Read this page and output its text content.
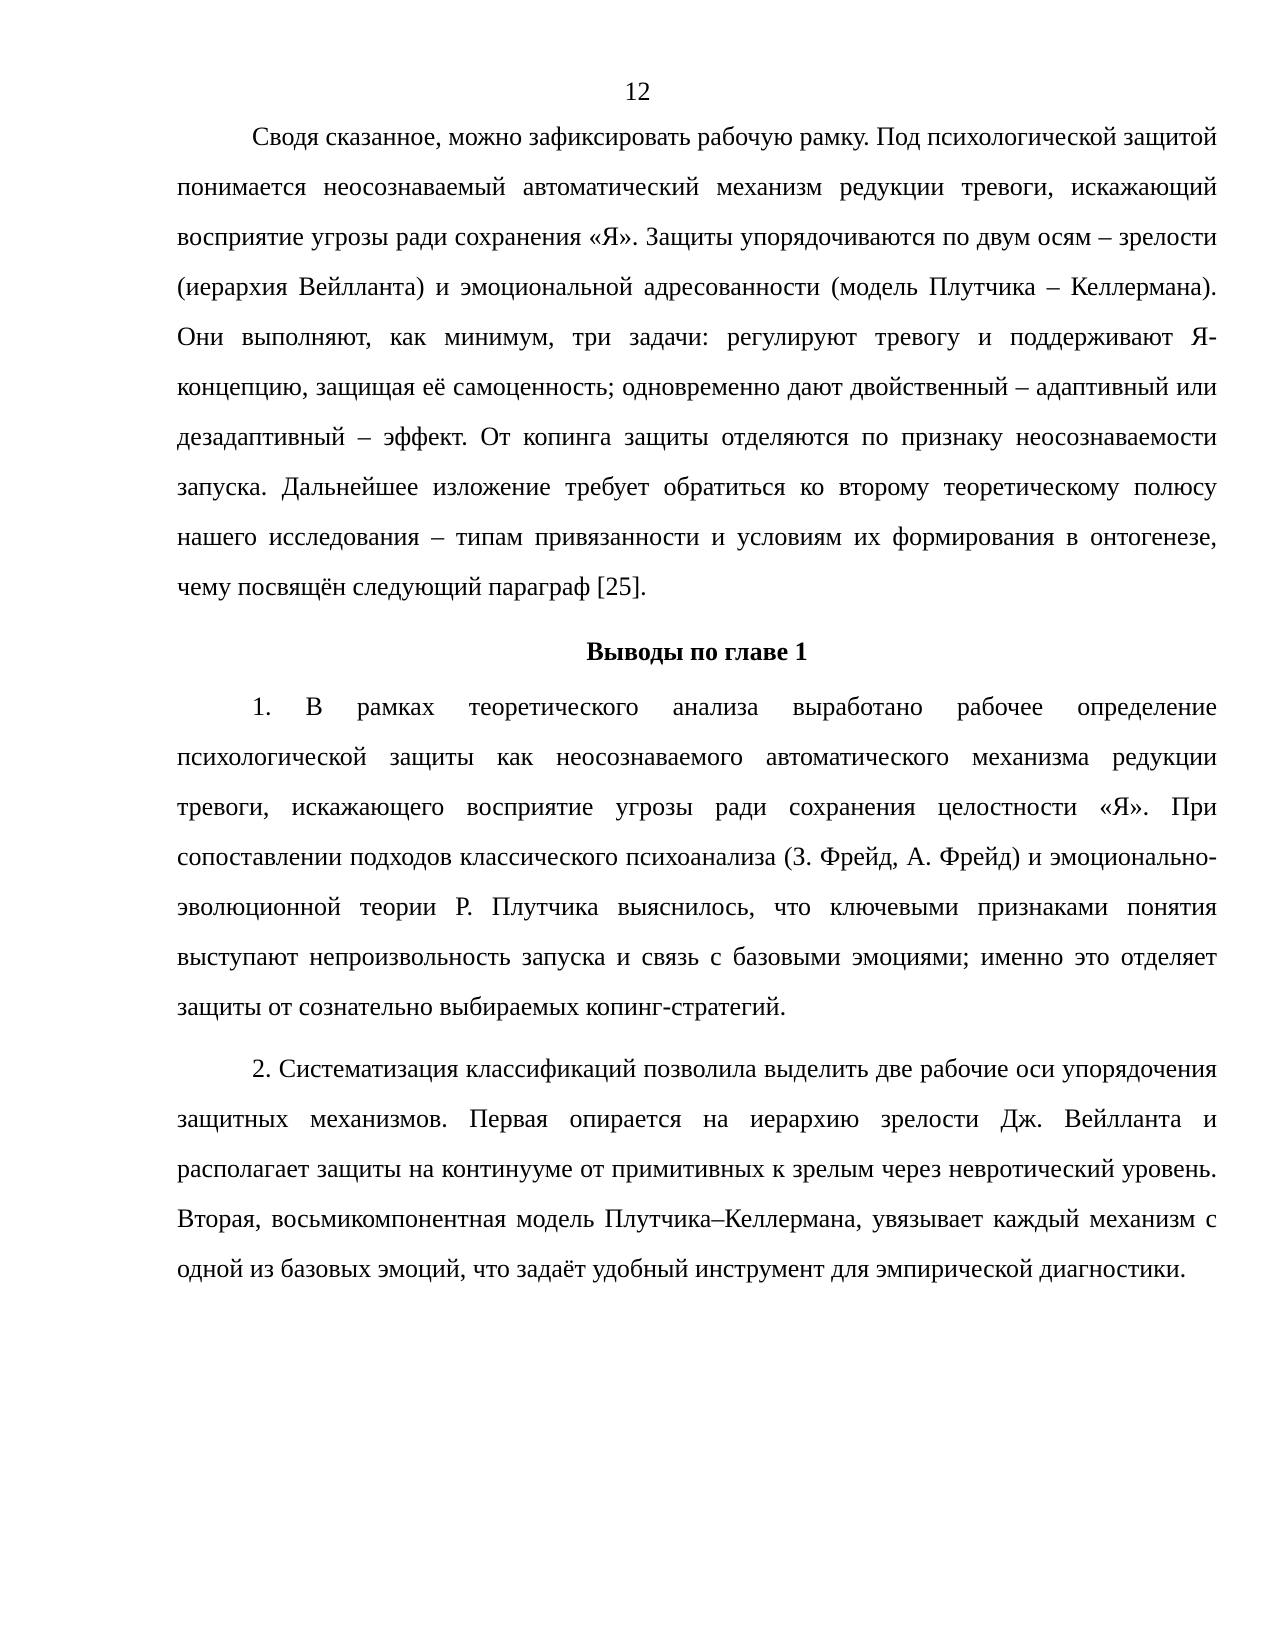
12

Сводя сказанное, можно зафиксировать рабочую рамку. Под психологической защитой понимается неосознаваемый автоматический механизм редукции тревоги, искажающий восприятие угрозы ради сохранения «Я». Защиты упорядочиваются по двум осям – зрелости (иерархия Вейлланта) и эмоциональной адресованности (модель Плутчика – Келлермана). Они выполняют, как минимум, три задачи: регулируют тревогу и поддерживают Я-концепцию, защищая её самоценность; одновременно дают двойственный – адаптивный или дезадаптивный – эффект. От копинга защиты отделяются по признаку неосознаваемости запуска. Дальнейшее изложение требует обратиться ко второму теоретическому полюсу нашего исследования – типам привязанности и условиям их формирования в онтогенезе, чему посвящён следующий параграф [25].

Выводы по главе 1

1. В рамках теоретического анализа выработано рабочее определение психологической защиты как неосознаваемого автоматического механизма редукции тревоги, искажающего восприятие угрозы ради сохранения целостности «Я». При сопоставлении подходов классического психоанализа (З. Фрейд, А. Фрейд) и эмоционально-эволюционной теории Р. Плутчика выяснилось, что ключевыми признаками понятия выступают непроизвольность запуска и связь с базовыми эмоциями; именно это отделяет защиты от сознательно выбираемых копинг-стратегий.

2. Систематизация классификаций позволила выделить две рабочие оси упорядочения защитных механизмов. Первая опирается на иерархию зрелости Дж. Вейлланта и располагает защиты на континууме от примитивных к зрелым через невротический уровень. Вторая, восьмикомпонентная модель Плутчика–Келлермана, увязывает каждый механизм с одной из базовых эмоций, что задаёт удобный инструмент для эмпирической диагностики.
